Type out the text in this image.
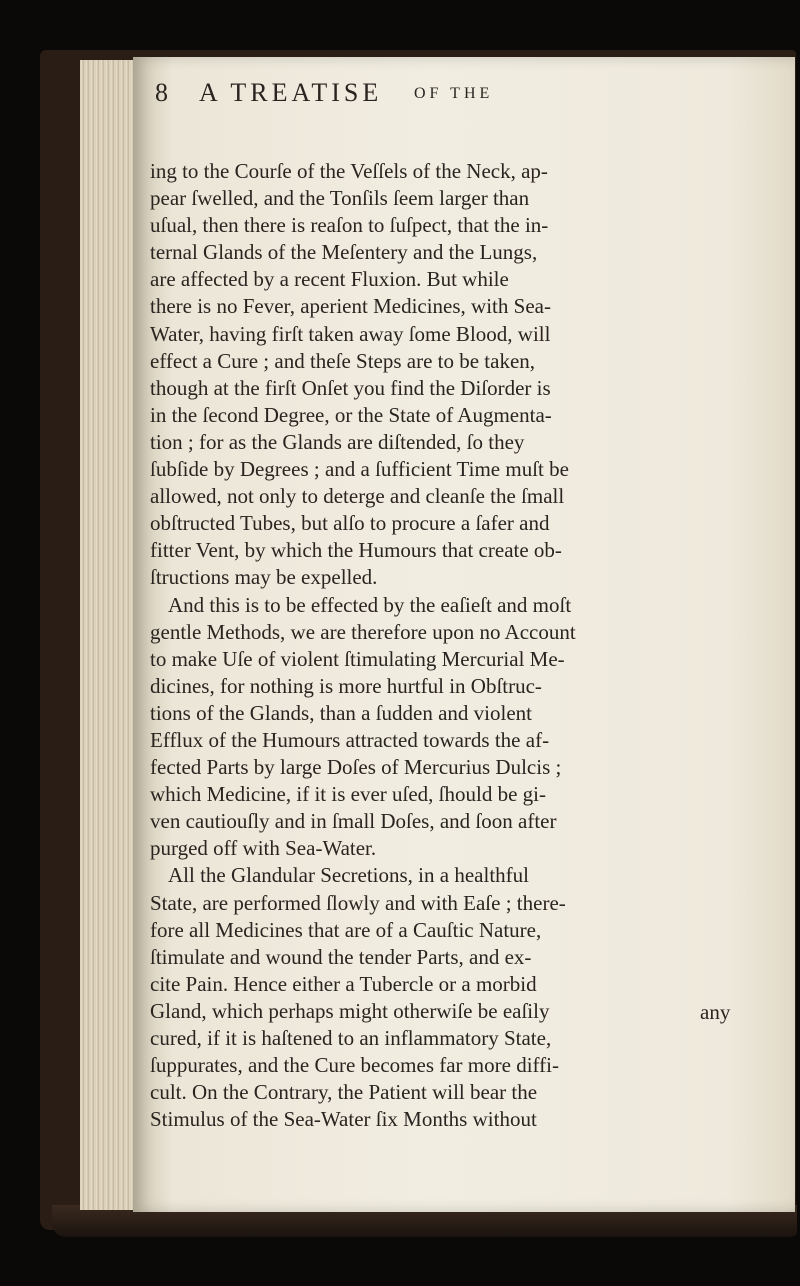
8 A TREATISE OF THE
ing to the Courſe of the Veſſels of the Neck, ap-
pear ſwelled, and the Tonſils ſeem larger than
uſual, then there is reaſon to ſuſpect, that the in-
ternal Glands of the Meſentery and the Lungs,
are affected by a recent Fluxion. But while
there is no Fever, aperient Medicines, with Sea-
Water, having firſt taken away ſome Blood, will
effect a Cure ; and theſe Steps are to be taken,
though at the firſt Onſet you find the Diſorder is
in the ſecond Degree, or the State of Augmenta-
tion ; for as the Glands are diſtended, ſo they
ſubſide by Degrees ; and a ſufficient Time muſt be
allowed, not only to deterge and cleanſe the ſmall
obſtructed Tubes, but alſo to procure a ſafer and
fitter Vent, by which the Humours that create ob-
ſtructions may be expelled.
And this is to be effected by the eaſieſt and moſt
gentle Methods, we are therefore upon no Account
to make Uſe of violent ſtimulating Mercurial Me-
dicines, for nothing is more hurtful in Obſtruc-
tions of the Glands, than a ſudden and violent
Efflux of the Humours attracted towards the af-
fected Parts by large Doſes of Mercurius Dulcis ;
which Medicine, if it is ever uſed, ſhould be gi-
ven cautiouſly and in ſmall Doſes, and ſoon after
purged off with Sea-Water.
All the Glandular Secretions, in a healthful
State, are performed ſlowly and with Eaſe ; there-
fore all Medicines that are of a Cauſtic Nature,
ſtimulate and wound the tender Parts, and ex-
cite Pain. Hence either a Tubercle or a morbid
Gland, which perhaps might otherwiſe be eaſily
cured, if it is haſtened to an inflammatory State,
ſuppurates, and the Cure becomes far more diffi-
cult. On the Contrary, the Patient will bear the
Stimulus of the Sea-Water ſix Months without
any
